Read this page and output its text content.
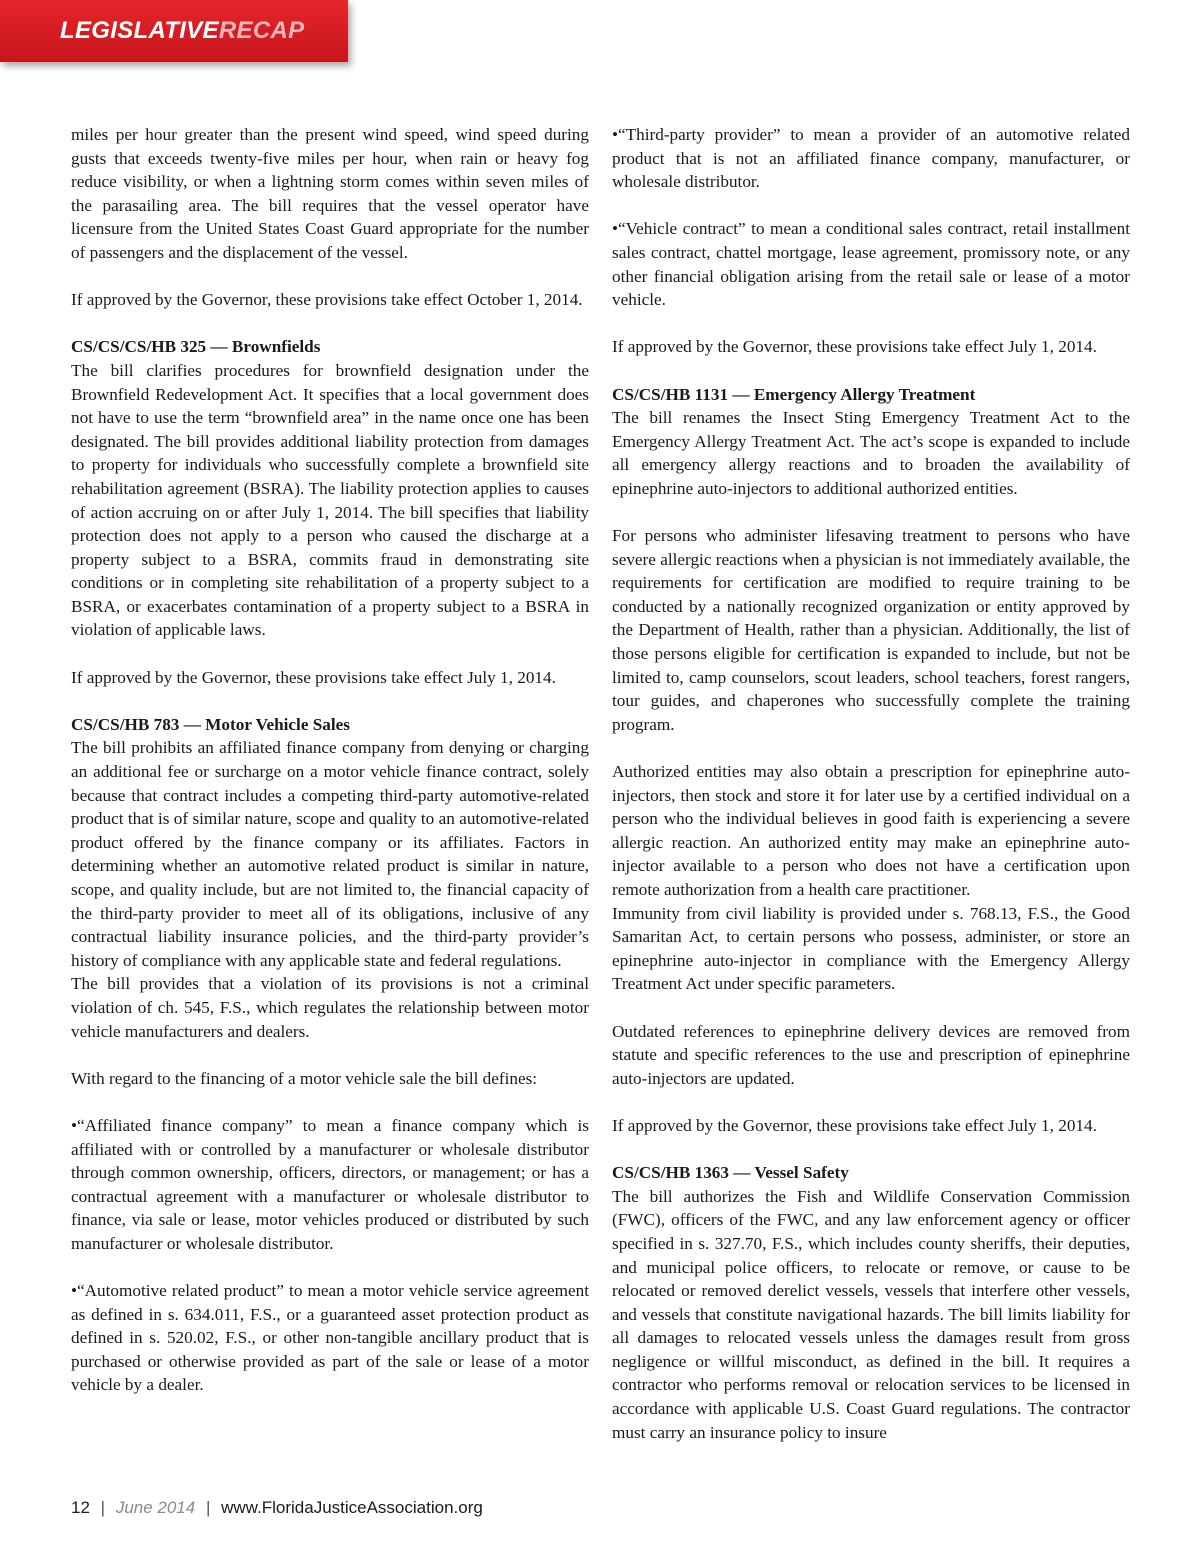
LEGISLATIVERECAP

miles per hour greater than the present wind speed, wind speed during gusts that exceeds twenty-five miles per hour, when rain or heavy fog reduce visibility, or when a lightning storm comes within seven miles of the parasailing area. The bill requires that the vessel operator have licensure from the United States Coast Guard appropriate for the number of passengers and the displacement of the vessel.

If approved by the Governor, these provisions take effect October 1, 2014.

CS/CS/CS/HB 325 — Brownfields

The bill clarifies procedures for brownfield designation under the Brownfield Redevelopment Act. It specifies that a local government does not have to use the term “brownfield area” in the name once one has been designated. The bill provides additional liability protection from damages to property for individuals who successfully complete a brownfield site rehabilitation agreement (BSRA). The liability protection applies to causes of action accruing on or after July 1, 2014. The bill specifies that liability protection does not apply to a person who caused the discharge at a property subject to a BSRA, commits fraud in demonstrating site conditions or in completing site rehabilitation of a property subject to a BSRA, or exacerbates contamination of a property subject to a BSRA in violation of applicable laws.

If approved by the Governor, these provisions take effect July 1, 2014.

CS/CS/HB 783 — Motor Vehicle Sales

The bill prohibits an affiliated finance company from denying or charging an additional fee or surcharge on a motor vehicle finance contract, solely because that contract includes a competing third-party automotive-related product that is of similar nature, scope and quality to an automotive-related product offered by the finance company or its affiliates. Factors in determining whether an automotive related product is similar in nature, scope, and quality include, but are not limited to, the financial capacity of the third-party provider to meet all of its obligations, inclusive of any contractual liability insurance policies, and the third-party provider’s history of compliance with any applicable state and federal regulations.

The bill provides that a violation of its provisions is not a criminal violation of ch. 545, F.S., which regulates the relationship between motor vehicle manufacturers and dealers.

With regard to the financing of a motor vehicle sale the bill defines:

•“Affiliated finance company” to mean a finance company which is affiliated with or controlled by a manufacturer or wholesale distributor through common ownership, officers, directors, or management; or has a contractual agreement with a manufacturer or wholesale distributor to finance, via sale or lease, motor vehicles produced or distributed by such manufacturer or wholesale distributor.

•“Automotive related product” to mean a motor vehicle service agreement as defined in s. 634.011, F.S., or a guaranteed asset protection product as defined in s. 520.02, F.S., or other non-tangible ancillary product that is purchased or otherwise provided as part of the sale or lease of a motor vehicle by a dealer.

•“Third-party provider” to mean a provider of an automotive related product that is not an affiliated finance company, manufacturer, or wholesale distributor.

•“Vehicle contract” to mean a conditional sales contract, retail installment sales contract, chattel mortgage, lease agreement, promissory note, or any other financial obligation arising from the retail sale or lease of a motor vehicle.

If approved by the Governor, these provisions take effect July 1, 2014.

CS/CS/HB 1131 — Emergency Allergy Treatment

The bill renames the Insect Sting Emergency Treatment Act to the Emergency Allergy Treatment Act. The act’s scope is expanded to include all emergency allergy reactions and to broaden the availability of epinephrine auto-injectors to additional authorized entities.

For persons who administer lifesaving treatment to persons who have severe allergic reactions when a physician is not immediately available, the requirements for certification are modified to require training to be conducted by a nationally recognized organization or entity approved by the Department of Health, rather than a physician. Additionally, the list of those persons eligible for certification is expanded to include, but not be limited to, camp counselors, scout leaders, school teachers, forest rangers, tour guides, and chaperones who successfully complete the training program.

Authorized entities may also obtain a prescription for epinephrine auto-injectors, then stock and store it for later use by a certified individual on a person who the individual believes in good faith is experiencing a severe allergic reaction. An authorized entity may make an epinephrine auto-injector available to a person who does not have a certification upon remote authorization from a health care practitioner.

Immunity from civil liability is provided under s. 768.13, F.S., the Good Samaritan Act, to certain persons who possess, administer, or store an epinephrine auto-injector in compliance with the Emergency Allergy Treatment Act under specific parameters.

Outdated references to epinephrine delivery devices are removed from statute and specific references to the use and prescription of epinephrine auto-injectors are updated.

If approved by the Governor, these provisions take effect July 1, 2014.

CS/CS/HB 1363 — Vessel Safety

The bill authorizes the Fish and Wildlife Conservation Commission (FWC), officers of the FWC, and any law enforcement agency or officer specified in s. 327.70, F.S., which includes county sheriffs, their deputies, and municipal police officers, to relocate or remove, or cause to be relocated or removed derelict vessels, vessels that interfere other vessels, and vessels that constitute navigational hazards. The bill limits liability for all damages to relocated vessels unless the damages result from gross negligence or willful misconduct, as defined in the bill. It requires a contractor who performs removal or relocation services to be licensed in accordance with applicable U.S. Coast Guard regulations. The contractor must carry an insurance policy to insure

12 | June 2014 | www.FloridaJusticeAssociation.org
